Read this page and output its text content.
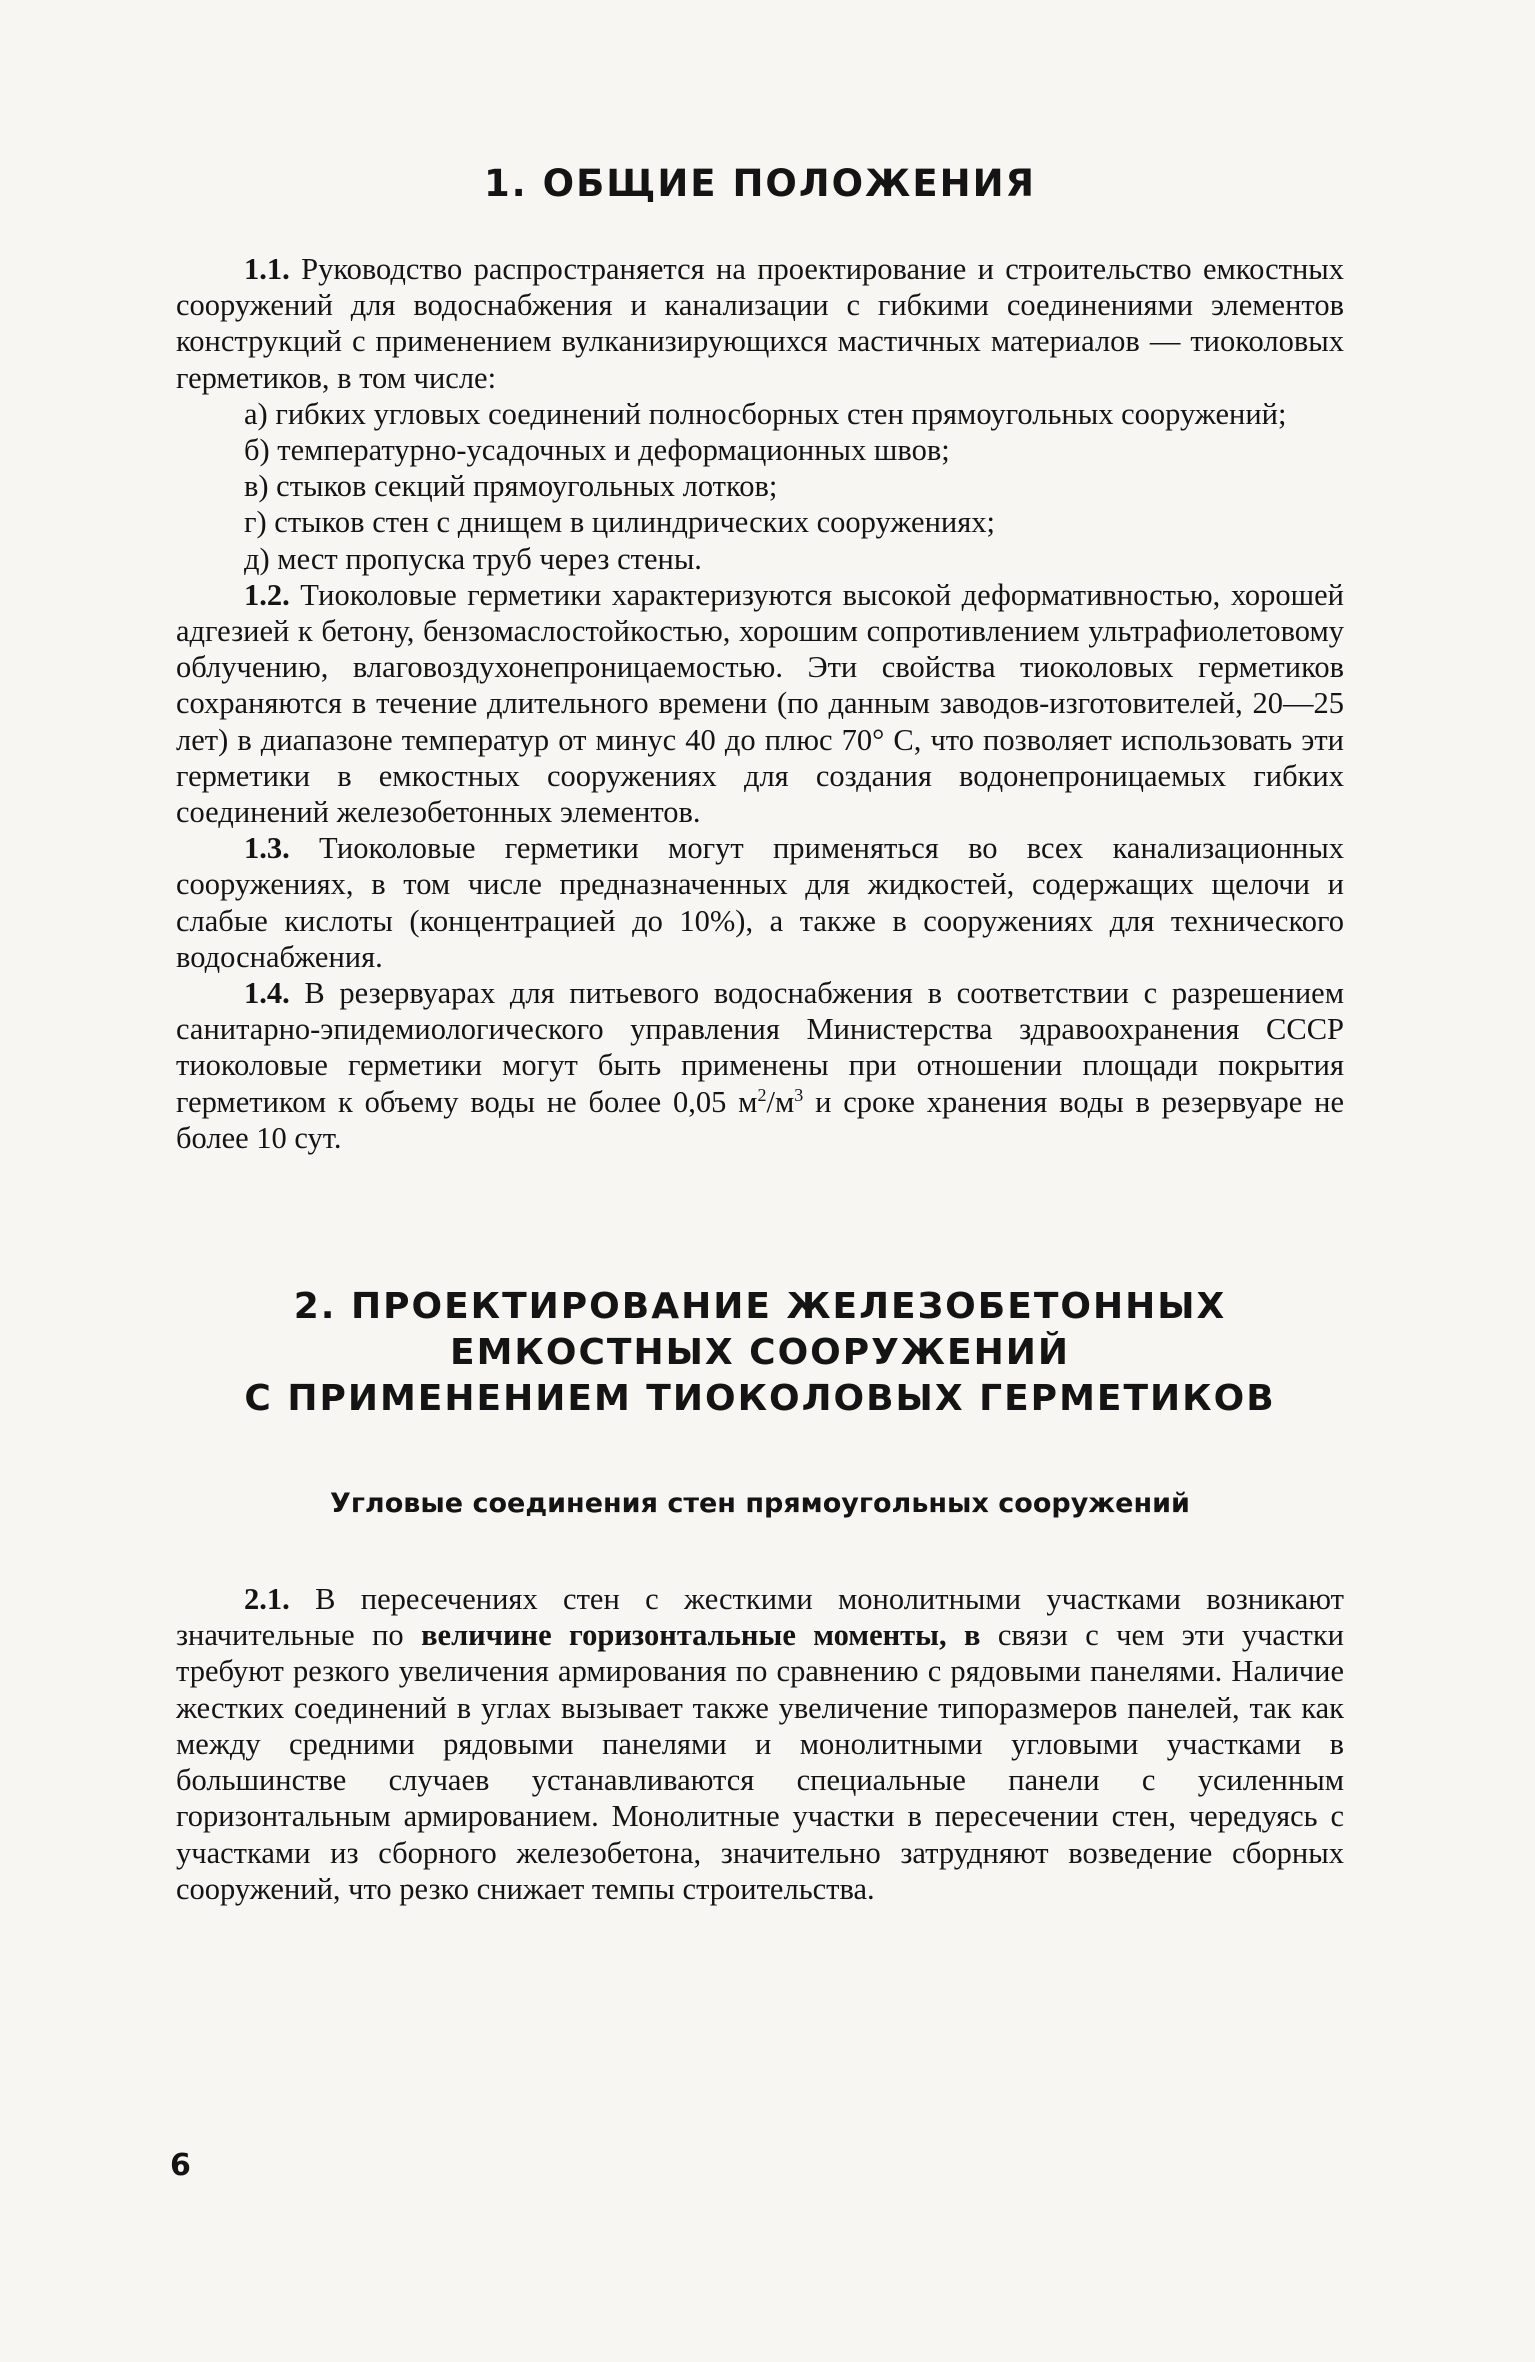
1. ОБЩИЕ ПОЛОЖЕНИЯ

1.1. Руководство распространяется на проектирование и строительство емкостных сооружений для водоснабжения и канализации с гибкими соединениями элементов конструкций с применением вулканизирующихся мастичных материалов — тиоколовых герметиков, в том числе:

а) гибких угловых соединений полносборных стен прямоугольных сооружений;

б) температурно-усадочных и деформационных швов;

в) стыков секций прямоугольных лотков;

г) стыков стен с днищем в цилиндрических сооружениях;

д) мест пропуска труб через стены.

1.2. Тиоколовые герметики характеризуются высокой деформативностью, хорошей адгезией к бетону, бензомаслостойкостью, хорошим сопротивлением ультрафиолетовому облучению, влаговоздухонепроницаемостью. Эти свойства тиоколовых герметиков сохраняются в течение длительного времени (по данным заводов-изготовителей, 20—25 лет) в диапазоне температур от минус 40 до плюс 70° С, что позволяет использовать эти герметики в емкостных сооружениях для создания водонепроницаемых гибких соединений железобетонных элементов.

1.3. Тиоколовые герметики могут применяться во всех канализационных сооружениях, в том числе предназначенных для жидкостей, содержащих щелочи и слабые кислоты (концентрацией до 10%), а также в сооружениях для технического водоснабжения.

1.4. В резервуарах для питьевого водоснабжения в соответствии с разрешением санитарно-эпидемиологического управления Министерства здравоохранения СССР тиоколовые герметики могут быть применены при отношении площади покрытия герметиком к объему воды не более 0,05 $м^2/м^3$ и сроке хранения воды в резервуаре не более 10 сут.

2. ПРОЕКТИРОВАНИЕ ЖЕЛЕЗОБЕТОННЫХ
ЕМКОСТНЫХ СООРУЖЕНИЙ
С ПРИМЕНЕНИЕМ ТИОКОЛОВЫХ ГЕРМЕТИКОВ
Угловые соединения стен прямоугольных сооружений

2.1. В пересечениях стен с жесткими монолитными участками возникают значительные по величине горизонтальные моменты, в связи с чем эти участки требуют резкого увеличения армирования по сравнению с рядовыми панелями. Наличие жестких соединений в углах вызывает также увеличение типоразмеров панелей, так как между средними рядовыми панелями и монолитными угловыми участками в большинстве случаев устанавливаются специальные панели с усиленным горизонтальным армированием. Монолитные участки в пересечении стен, чередуясь с участками из сборного железобетона, значительно затрудняют возведение сборных сооружений, что резко снижает темпы строительства.

6
